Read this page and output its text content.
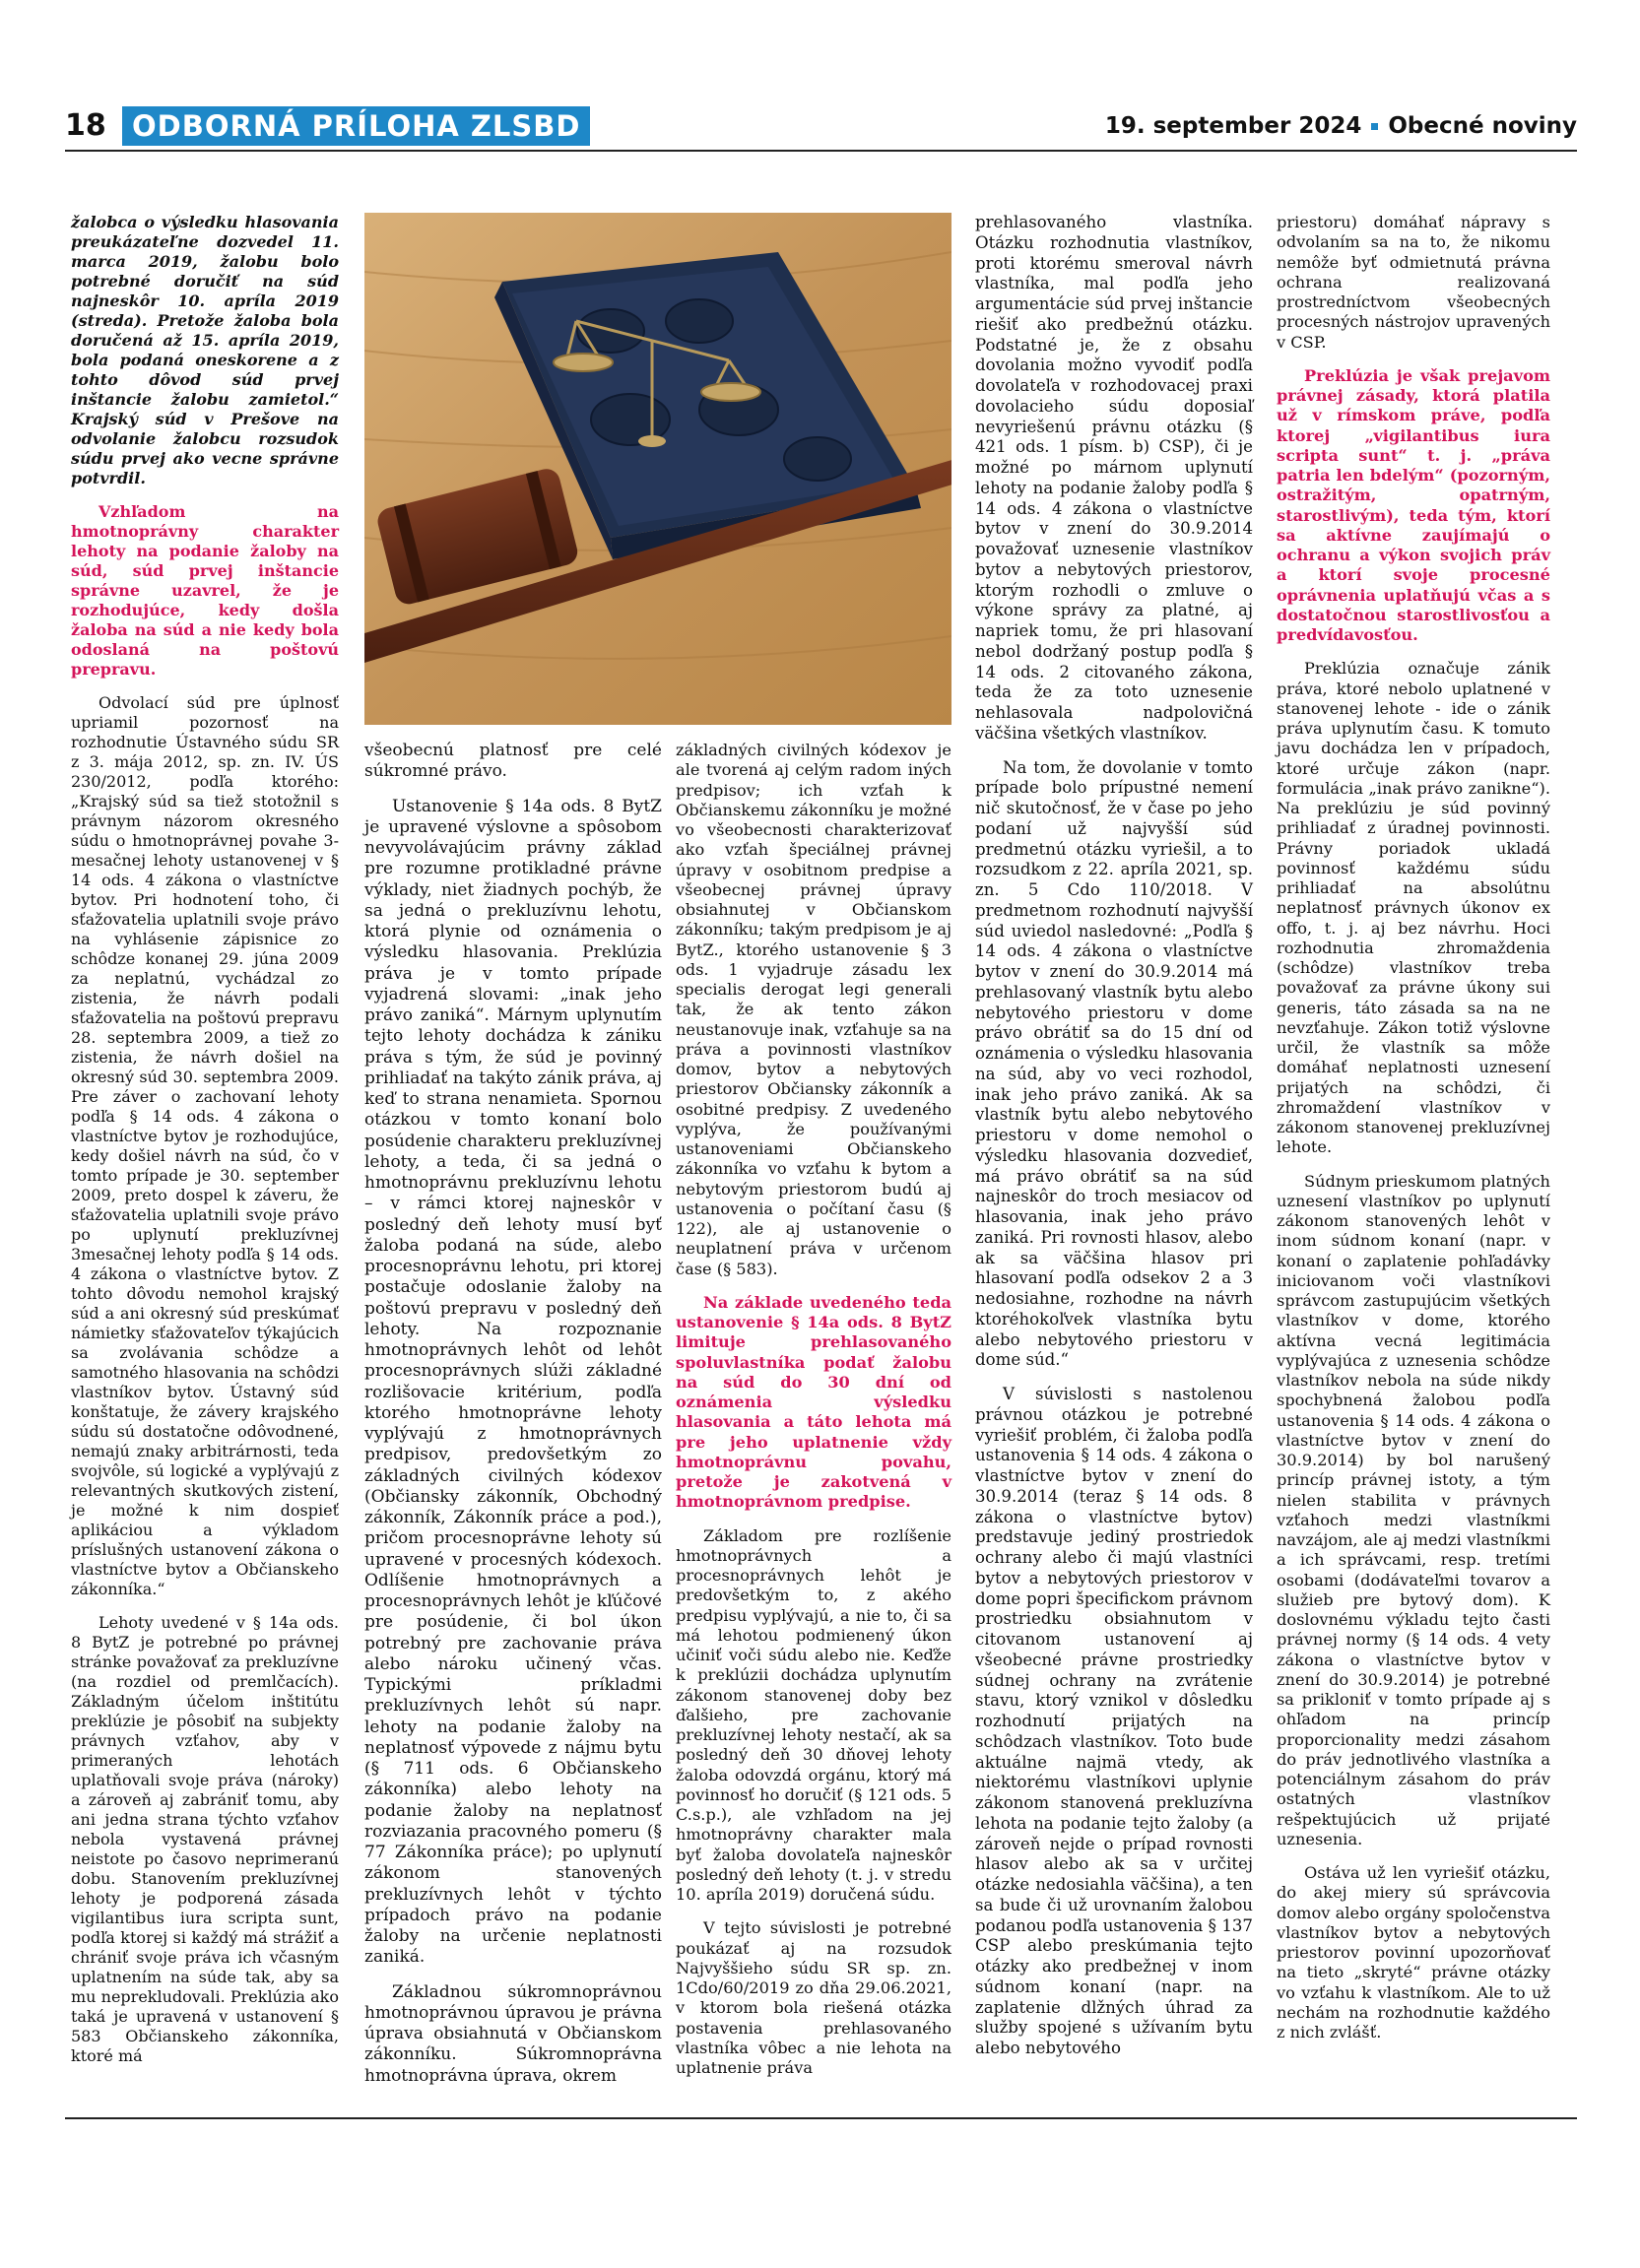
18 ODBORNÁ PRÍLOHA ZLSBD	19. september 2024 Obecné noviny

žalobca o výsledku hlasovania preukázateľne dozvedel 11. marca 2019, žalobu bolo potrebné doručiť na súd najneskôr 10. apríla 2019 (streda). Pretože žaloba bola doručená až 15. apríla 2019, bola podaná oneskorene a z tohto dôvod súd prvej inštancie žalobu zamietol.“ Krajský súd v Prešove na odvolanie žalobcu rozsudok súdu prvej ako vecne správne potvrdil.

Vzhľadom na hmotnoprávny charakter lehoty na podanie žaloby na súd, súd prvej inštancie správne uzavrel, že je rozhodujúce, kedy došla žaloba na súd a nie kedy bola odoslaná na poštovú prepravu.

Odvolací súd pre úplnosť upriamil pozornosť na rozhodnutie Ústavného súdu SR z 3. mája 2012, sp. zn. IV. ÚS 230/2012, podľa ktorého: „Krajský súd sa tiež stotožnil s právnym názorom okresného súdu o hmotnoprávnej povahe 3-mesačnej lehoty ustanovenej v § 14 ods. 4 zákona o vlastníctve bytov. Pri hodnotení toho, či sťažovatelia uplatnili svoje právo na vyhlásenie zápisnice zo schôdze konanej 29. júna 2009 za neplatnú, vychádzal zo zistenia, že návrh podali sťažovatelia na poštovú prepravu 28. septembra 2009, a tiež zo zistenia, že návrh došiel na okresný súd 30. septembra 2009. Pre záver o zachovaní lehoty podľa § 14 ods. 4 zákona o vlastníctve bytov je rozhodujúce, kedy došiel návrh na súd, čo v tomto prípade je 30. september 2009, preto dospel k záveru, že sťažovatelia uplatnili svoje právo po uplynutí prekluzívnej 3mesačnej lehoty podľa § 14 ods. 4 zákona o vlastníctve bytov. Z tohto dôvodu nemohol krajský súd a ani okresný súd preskúmať námietky sťažovateľov týkajúcich sa zvolávania schôdze a samotného hlasovania na schôdzi vlastníkov bytov. Ústavný súd konštatuje, že závery krajského súdu sú dostatočne odôvodnené, nemajú znaky arbitrárnosti, teda svojvôle, sú logické a vyplývajú z relevantných skutkových zistení, je možné k nim dospieť aplikáciou a výkladom príslušných ustanovení zákona o vlastníctve bytov a Občianskeho zákonníka.“

Lehoty uvedené v § 14a ods. 8 BytZ je potrebné po právnej stránke považovať za prekluzívne (na rozdiel od premlčacích). Základným účelom inštitútu preklúzie je pôsobiť na subjekty právnych vzťahov, aby v primeraných lehotách uplatňovali svoje práva (nároky) a zároveň aj zabrániť tomu, aby ani jedna strana týchto vzťahov nebola vystavená právnej neistote po časovo neprimeranú dobu. Stanovením prekluzívnej lehoty je podporená zásada vigilantibus iura scripta sunt, podľa ktorej si každý má strážiť a chrániť svoje práva ich včasným uplatnením na súde tak, aby sa mu neprekludovali. Preklúzia ako taká je upravená v ustanovení § 583 Občianskeho zákonníka, ktoré má

všeobecnú platnosť pre celé súkromné právo.

Ustanovenie § 14a ods. 8 BytZ je upravené výslovne a spôsobom nevyvolávajúcim právny základ pre rozumne protikladné právne výklady, niet žiadnych pochýb, že sa jedná o prekluzívnu lehotu, ktorá plynie od oznámenia o výsledku hlasovania. Preklúzia práva je v tomto prípade vyjadrená slovami: „inak jeho právo zaniká“. Márnym uplynutím tejto lehoty dochádza k zániku práva s tým, že súd je povinný prihliadať na takýto zánik práva, aj keď to strana nenamieta. Spornou otázkou v tomto konaní bolo posúdenie charakteru prekluzívnej lehoty, a teda, či sa jedná o hmotnoprávnu prekluzívnu lehotu – v rámci ktorej najneskôr v posledný deň lehoty musí byť žaloba podaná na súde, alebo procesnoprávnu lehotu, pri ktorej postačuje odoslanie žaloby na poštovú prepravu v posledný deň lehoty. Na rozpoznanie hmotnoprávnych lehôt od lehôt procesnoprávnych slúži základné rozlišovacie kritérium, podľa ktorého hmotnoprávne lehoty vyplývajú z hmotnoprávnych predpisov, predovšetkým zo základných civilných kódexov (Občiansky zákonník, Obchodný zákonník, Zákonník práce a pod.), pričom procesnoprávne lehoty sú upravené v procesných kódexoch. Odlíšenie hmotnoprávnych a procesnoprávnych lehôt je kľúčové pre posúdenie, či bol úkon potrebný pre zachovanie práva alebo nároku učinený včas. Typickými príkladmi prekluzívnych lehôt sú napr. lehoty na podanie žaloby na neplatnosť výpovede z nájmu bytu (§ 711 ods. 6 Občianskeho zákonníka) alebo lehoty na podanie žaloby na neplatnosť rozviazania pracovného pomeru (§ 77 Zákonníka práce); po uplynutí zákonom stanovených prekluzívnych lehôt v týchto prípadoch právo na podanie žaloby na určenie neplatnosti zaniká.

Základnou súkromnoprávnou hmotnoprávnou úpravou je právna úprava obsiahnutá v Občianskom zákonníku. Súkromnoprávna hmotnoprávna úprava, okrem

základných civilných kódexov je ale tvorená aj celým radom iných predpisov; ich vzťah k Občianskemu zákonníku je možné vo všeobecnosti charakterizovať ako vzťah špeciálnej právnej úpravy v osobitnom predpise a všeobecnej právnej úpravy obsiahnutej v Občianskom zákonníku; takým predpisom je aj BytZ., ktorého ustanovenie § 3 ods. 1 vyjadruje zásadu lex specialis derogat legi generali tak, že ak tento zákon neustanovuje inak, vzťahuje sa na práva a povinnosti vlastníkov domov, bytov a nebytových priestorov Občiansky zákonník a osobitné predpisy. Z uvedeného vyplýva, že používanými ustanoveniami Občianskeho zákonníka vo vzťahu k bytom a nebytovým priestorom budú aj ustanovenia o počítaní času (§ 122), ale aj ustanovenie o neuplatnení práva v určenom čase (§ 583).

Na základe uvedeného teda ustanovenie § 14a ods. 8 BytZ limituje prehlasovaného spoluvlastníka podať žalobu na súd do 30 dní od oznámenia výsledku hlasovania a táto lehota má pre jeho uplatnenie vždy hmotnoprávnu povahu, pretože je zakotvená v hmotnoprávnom predpise.

Základom pre rozlíšenie hmotnoprávnych a procesnoprávnych lehôt je predovšetkým to, z akého predpisu vyplývajú, a nie to, či sa má lehotou podmienený úkon učiniť voči súdu alebo nie. Keďže k preklúzii dochádza uplynutím zákonom stanovenej doby bez ďalšieho, pre zachovanie prekluzívnej lehoty nestačí, ak sa posledný deň 30 dňovej lehoty žaloba odovzdá orgánu, ktorý má povinnosť ho doručiť (§ 121 ods. 5 C.s.p.), ale vzhľadom na jej hmotnoprávny charakter mala byť žaloba dovolateľa najneskôr posledný deň lehoty (t. j. v stredu 10. apríla 2019) doručená súdu.

V tejto súvislosti je potrebné poukázať aj na rozsudok Najvyššieho súdu SR sp. zn. 1Cdo/60/2019 zo dňa 29.06.2021, v ktorom bola riešená otázka postavenia prehlasovaného vlastníka vôbec a nie lehota na uplatnenie práva

prehlasovaného vlastníka. Otázku rozhodnutia vlastníkov, proti ktorému smeroval návrh vlastníka, mal podľa jeho argumentácie súd prvej inštancie riešiť ako predbežnú otázku. Podstatné je, že z obsahu dovolania možno vyvodiť podľa dovolateľa v rozhodovacej praxi dovolacieho súdu doposiaľ nevyriešenú právnu otázku (§ 421 ods. 1 písm. b) CSP), či je možné po márnom uplynutí lehoty na podanie žaloby podľa § 14 ods. 4 zákona o vlastníctve bytov v znení do 30.9.2014 považovať uznesenie vlastníkov bytov a nebytových priestorov, ktorým rozhodli o zmluve o výkone správy za platné, aj napriek tomu, že pri hlasovaní nebol dodržaný postup podľa § 14 ods. 2 citovaného zákona, teda že za toto uznesenie nehlasovala nadpolovičná väčšina všetkých vlastníkov.

Na tom, že dovolanie v tomto prípade bolo prípustné nemení nič skutočnosť, že v čase po jeho podaní už najvyšší súd predmetnú otázku vyriešil, a to rozsudkom z 22. apríla 2021, sp. zn. 5 Cdo 110/2018. V predmetnom rozhodnutí najvyšší súd uviedol nasledovné: „Podľa § 14 ods. 4 zákona o vlastníctve bytov v znení do 30.9.2014 má prehlasovaný vlastník bytu alebo nebytového priestoru v dome právo obrátiť sa do 15 dní od oznámenia o výsledku hlasovania na súd, aby vo veci rozhodol, inak jeho právo zaniká. Ak sa vlastník bytu alebo nebytového priestoru v dome nemohol o výsledku hlasovania dozvedieť, má právo obrátiť sa na súd najneskôr do troch mesiacov od hlasovania, inak jeho právo zaniká. Pri rovnosti hlasov, alebo ak sa väčšina hlasov pri hlasovaní podľa odsekov 2 a 3 nedosiahne, rozhodne na návrh ktoréhokoľvek vlastníka bytu alebo nebytového priestoru v dome súd.“

V súvislosti s nastolenou právnou otázkou je potrebné vyriešiť problém, či žaloba podľa ustanovenia § 14 ods. 4 zákona o vlastníctve bytov v znení do 30.9.2014 (teraz § 14 ods. 8 zákona o vlastníctve bytov) predstavuje jediný prostriedok ochrany alebo či majú vlastníci bytov a nebytových priestorov v dome popri špecifickom právnom prostriedku obsiahnutom v citovanom ustanovení aj všeobecné právne prostriedky súdnej ochrany na zvrátenie stavu, ktorý vznikol v dôsledku rozhodnutí prijatých na schôdzach vlastníkov. Toto bude aktuálne najmä vtedy, ak niektorému vlastníkovi uplynie zákonom stanovená prekluzívna lehota na podanie tejto žaloby (a zároveň nejde o prípad rovnosti hlasov alebo ak sa v určitej otázke nedosiahla väčšina), a ten sa bude či už urovnaním žalobou podanou podľa ustanovenia § 137 CSP alebo preskúmania tejto otázky ako predbežnej v inom súdnom konaní (napr. na zaplatenie dlžných úhrad za služby spojené s užívaním bytu alebo nebytového

priestoru) domáhať nápravy s odvolaním sa na to, že nikomu nemôže byť odmietnutá právna ochrana realizovaná prostredníctvom všeobecných procesných nástrojov upravených v CSP.

Preklúzia je však prejavom právnej zásady, ktorá platila už v rímskom práve, podľa ktorej „vigilantibus iura scripta sunt“ t. j. „práva patria len bdelým“ (pozorným, ostražitým, opatrným, starostlivým), teda tým, ktorí sa aktívne zaujímajú o ochranu a výkon svojich práv a ktorí svoje procesné oprávnenia uplatňujú včas a s dostatočnou starostlivosťou a predvídavosťou.

Preklúzia označuje zánik práva, ktoré nebolo uplatnené v stanovenej lehote - ide o zánik práva uplynutím času. K tomuto javu dochádza len v prípadoch, ktoré určuje zákon (napr. formulácia „inak právo zanikne“). Na preklúziu je súd povinný prihliadať z úradnej povinnosti. Právny poriadok ukladá povinnosť každému súdu prihliadať na absolútnu neplatnosť právnych úkonov ex offo, t. j. aj bez návrhu. Hoci rozhodnutia zhromaždenia (schôdze) vlastníkov treba považovať za právne úkony sui generis, táto zásada sa na ne nevzťahuje. Zákon totiž výslovne určil, že vlastník sa môže domáhať neplatnosti uznesení prijatých na schôdzi, či zhromaždení vlastníkov v zákonom stanovenej prekluzívnej lehote.

Súdnym prieskumom platných uznesení vlastníkov po uplynutí zákonom stanovených lehôt v inom súdnom konaní (napr. v konaní o zaplatenie pohľadávky iniciovanom voči vlastníkovi správcom zastupujúcim všetkých vlastníkov v dome, ktorého aktívna vecná legitimácia vyplývajúca z uznesenia schôdze vlastníkov nebola na súde nikdy spochybnená žalobou podľa ustanovenia § 14 ods. 4 zákona o vlastníctve bytov v znení do 30.9.2014) by bol narušený princíp právnej istoty, a tým nielen stabilita v právnych vzťahoch medzi vlastníkmi navzájom, ale aj medzi vlastníkmi a ich správcami, resp. tretími osobami (dodávateľmi tovarov a služieb pre bytový dom). K doslovnému výkladu tejto časti právnej normy (§ 14 ods. 4 vety zákona o vlastníctve bytov v znení do 30.9.2014) je potrebné sa prikloniť v tomto prípade aj s ohľadom na princíp proporcionality medzi zásahom do práv jednotlivého vlastníka a potenciálnym zásahom do práv ostatných vlastníkov rešpektujúcich už prijaté uznesenia.

Ostáva už len vyriešiť otázku, do akej miery sú správcovia domov alebo orgány spoločenstva vlastníkov bytov a nebytových priestorov povinní upozorňovať na tieto „skryté“ právne otázky vo vzťahu k vlastníkom. Ale to už nechám na rozhodnutie každého z nich zvlášť.
